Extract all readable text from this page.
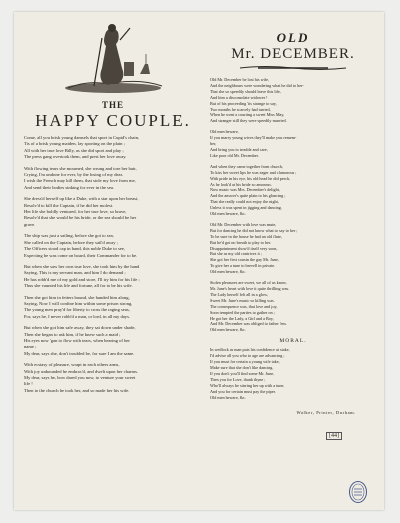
THE
HAPPY COUPLE.
Come, all you brisk young damsels that sport in Cupid's chain,
Tis of a brisk young maiden, lay sporting on the plain ;
All with her true love Billy, as she did sport and play ;
The press gang overtook them, and prest her love away.
With flowing tears she mourned, she wrung and tore her hair,
Crying, I'm undone for ever, by the losing of my dear.
I wish the French may kill them, that stole my love from me,
And send their bodies sinking for ever in the sea.
She dress'd herself up like a Duke, with a star upon her breast,
Resolv'd to kill the Captain, if he did her molest.
Her life she boldly ventured, for her true love, so brave,
Resolv'd that she would be his bride, or the sea should be her
grave.
The ship was just a sailing, before she got to sea,
She called on the Captain, before they sail'd away ;
The Officers stood cap in hand, this noble Duke to see,
Expecting he was come on board, their Commander for to be.
But when she saw her own true love, she took him by the hand
Saying, This is my servant man, and him I do demand ;
He has robb'd me of my gold and store, I'll try him for his life ;
Thus she vaunted his life and fortune, all for to be his wife.
Then she got him in fetters bound, she handed him along,
Saying, Now I will confine him within some prison strong,
The young men pray'd for liberty to cross the raging seas,
For, says he, I never robb'd a man, or lord, in all my days.
But when she got him safe away, they sat down under shade,
Then she began to ask him, if he knew such a maid ;
His eyes now 'gan to flow with tears, when bearing of her
name ;
My dear, says she, don't troubled be, for sure I am the same.
With ecstasy of pleasure, wrapt in each others arms,
With joy unbounded he embrac'd, and dwelt upon her charms.
My dear, says he, how dared you now, to venture your sweet
life !
Then to the church he took her, and so made her his wife.
OLD
Mr. DECEMBER.
Old Mr. December he lost his wife,
And the neighbours were wondering what he did to her-
That she so speedily should leave this life,
And him a disconsolate widower !
But of his proceeding 'tis strange to say,
Two months he scarcely had tarried,
When he went a courting a sweet Miss May,
And stranger still they were speedily married.
Old men beware,
If you marry young wives they'll make you remem-
ber,
And bring you to trouble and care,
Like poor old Mr. December.
And when they came together from church,
To kiss her sweet lips he was eager and clamorous ;
With pride in his eye, his old head he did perch,
As he look'd at his bride so amorous.
Now music was Mrs. December's delight,
And the answer's quite plain to his glancing ;
That she really could not enjoy the night,
Unless it was spent in jigging and dancing.
Old men beware, &c.
Old Mr. December with love was mute,
But for dancing he did not know what to say to her ;
To be sure in the house he had an old flute,
But he'd got no breath to play to her.
Disappointment show'd itself very soon,
But she as my old contrives it ;
She got her first cousin the gay Mr. June,
To give her a tune to brevell in private.
Old men beware, &c.
Stolen pleasures are sweet, we all of us know,
Mr. June's heart with love it quite thrilling was.
The Lady herself felt all in a glow,
Sweet Mr. June's music so killing was.
The consequence was, that love and joy,
Soon tempted the parties to gather on ;
He got her the Lady, a Girl and a Boy,
And Mr. December was obliged to father 'em.
Old men beware, &c.
MORAL.
In wedlock as man puts his confidence at stake,
I'd advise all you who to age are advancing ;
If you must for certain a young wife take,
Make sure that she don't like dancing.
If you don't you'll find some Mr. June,
Then you for Love, thank thyne ;
Who'll always be stirring her up with a tune,
And you for certain must pay the piper.
Old men beware, &c.
Walker, Printer, Durham.
[44]
